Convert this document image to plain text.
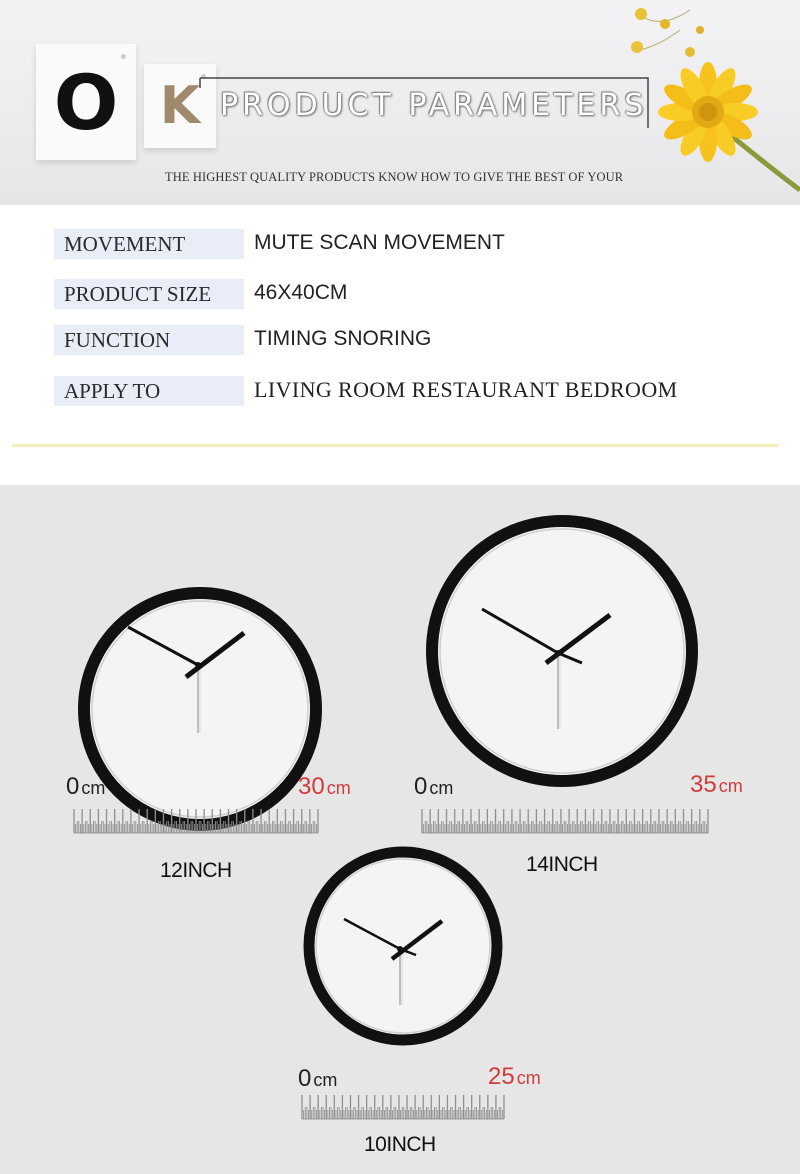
O K PRODUCT PARAMETERS
THE HIGHEST QUALITY PRODUCTS KNOW HOW TO GIVE THE BEST OF YOUR
MOVEMENT	MUTE SCAN MOVEMENT
PRODUCT SIZE	46X40CM
FUNCTION	TIMING SNORING
APPLY TO	LIVING ROOM RESTAURANT BEDROOM
0 cm	30 cm
12INCH
0 cm	35 cm
14INCH
0 cm	25 cm
10INCH
